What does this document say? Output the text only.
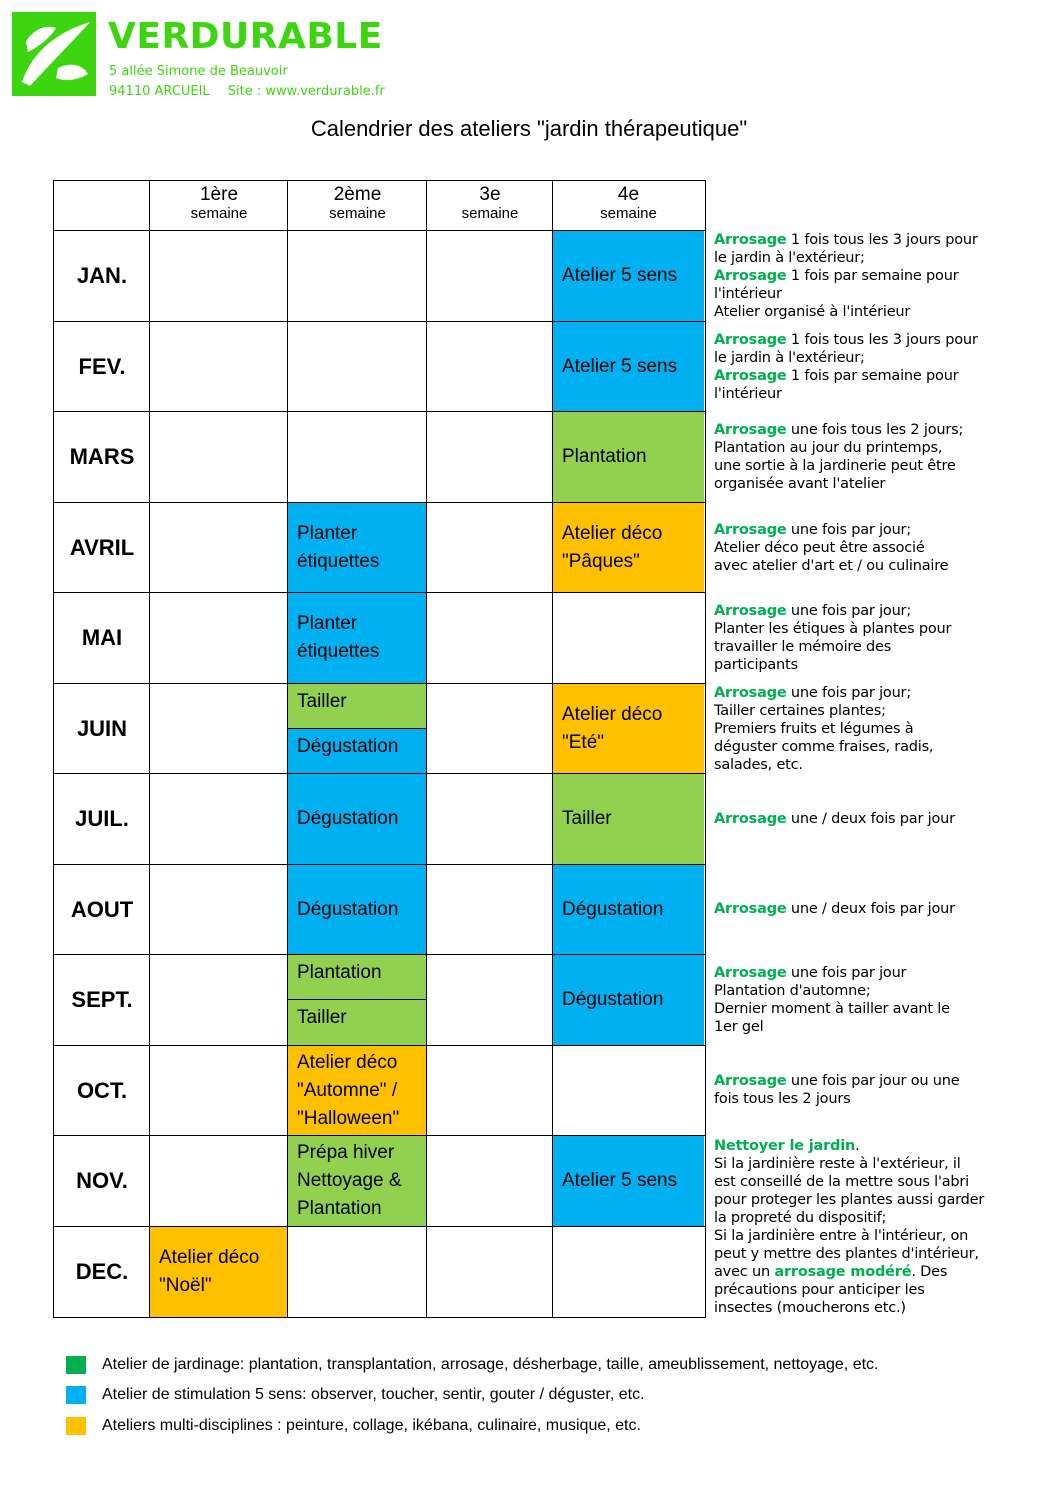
VERDURABLE
5 allée Simone de Beauvoir
94110 ARCUEIL Site : www.verdurable.fr
Calendrier des ateliers "jardin thérapeutique"
Atelier 5 sens
Atelier 5 sens
Plantation
Planter
étiquettes
Atelier déco
"Pâques"
Planter
étiquettes
Tailler
Dégustation
Atelier déco
"Eté"
Dégustation	Tailler
Dégustation	Dégustation
Plantation
Tailler
Dégustation
Atelier déco
"Automne" /
"Halloween"
Prépa hiver
Nettoyage &
Plantation
Atelier 5 sens
Atelier déco
"Noël"
1ère
semaine
2ème
semaine
3e
semaine
4e
semaine
JAN.
FEV.
MARS
AVRIL
MAI
JUIN
JUIL.
AOUT
SEPT.
OCT.
NOV.
DEC.
Arrosage 1 fois tous les 3 jours pour
le jardin à l'extérieur;
Arrosage 1 fois par semaine pour
l'intérieur
Atelier organisé à l'intérieur
Arrosage 1 fois tous les 3 jours pour
le jardin à l'extérieur;
Arrosage 1 fois par semaine pour
l'intérieur
Arrosage une fois tous les 2 jours;
Plantation au jour du printemps,
une sortie à la jardinerie peut être
organisée avant l'atelier
Arrosage une fois par jour;
Atelier déco peut être associé
avec atelier d'art et / ou culinaire
Arrosage une fois par jour;
Planter les étiques à plantes pour
travailler le mémoire des
participants
Arrosage une fois par jour;
Tailler certaines plantes;
Premiers fruits et légumes à
déguster comme fraises, radis,
salades, etc.
Arrosage une / deux fois par jour
Arrosage une / deux fois par jour
Arrosage une fois par jour
Plantation d'automne;
Dernier moment à tailler avant le
1er gel
Arrosage une fois par jour ou une
fois tous les 2 jours
Nettoyer le jardin.
Si la jardinière reste à l'extérieur, il
est conseillé de la mettre sous l'abri
pour proteger les plantes aussi garder
la propreté du dispositif;
Si la jardinière entre à l'intérieur, on
peut y mettre des plantes d'intérieur,
avec un arrosage modéré. Des
précautions pour anticiper les
insectes (moucherons etc.)
Atelier de jardinage: plantation, transplantation, arrosage, désherbage, taille, ameublissement, nettoyage, etc.
Atelier de stimulation 5 sens: observer, toucher, sentir, gouter / déguster, etc.
Ateliers multi-disciplines : peinture, collage, ikébana, culinaire, musique, etc.
